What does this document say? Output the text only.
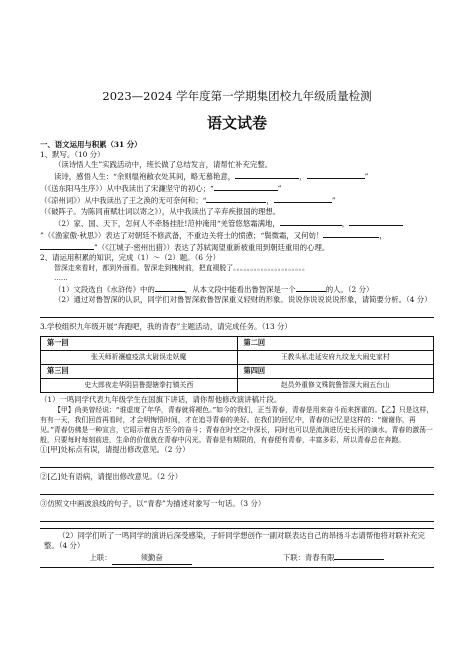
2023—2024 学年度第一学期集团校九年级质量检测
语文试卷

一、语文运用与积累（31 分）

1、默写。（10 分）

（读诗悟人生”实践活动中，班长做了总结发言，请帮忙补充完整。

读诗，感悟人生：“余则缊袍敝衣处其间，略无慕艳意，	，	”

（《送东阳马生序》）从中我读出了宋濂坚守的初心；“	”

（《凉州词》）从中我读出了王之涣的无可奈何和；“	，	”

（《破阵子。为陈同甫赋壮词以寄之》），从中我读出了辛弃疾报国的理想。

（2）家、国、天下，怎何人不牵肠挂肚!范仲淹用“羌管悠悠霜满地，	，

”（《渔家傲·秋思》）表达了对朝廷不修武备，不重边关将士的愤懑；“鬓微霜，又何妨！	，

”（《江城子·密州出猎》）表达了苏轼渴望重新被重用到朝廷重用的心理。

2、请运用积累的知识，完成（1）～（2）题。（6 分）

智深走来看时，都到外面看。智深走到槐树前，把直裰脱了。。。。。。。。。。。。。。。。。。。。。

……

（1）文段选自《水浒传》中的	，从本文段中能看出鲁智深是一个	的人。（2 分）

（2）通过对鲁智深的认识，同学们对鲁智深救鲁智深重义轻财的形象。说说你说说说说形象，请简要分析。（4 分）

3.学校组织九年级开展“奔跑吧，我的青春”主题活动，请完成任务。（13 分）

第一回	第二回
张天师祈禳瘟疫洪太尉误走妖魔	王教头私走延安府九纹龙大闹史家村
第三回	第四回
史大郎夜走华阴县鲁提辖拳打镇关西	赵员外重修文殊院鲁智深大闹五台山

（1）一鸣同学代表九年级学生在国旗下讲话，请你帮他修改演讲稿片段。

【甲】尚美曾经说：“谁虚度了年华，青春就将褪色。”如今的我们，正当青春，青春是用来奋斗而来挥霍的。【乙】只是这样，有有一天，我们回首再看时，才会明悔悟时间，才在追寻青春的美好。在我们的回忆中，青春的记忆是这样的：“谢谢你，再见。”青春仿佛是一种宣言，它昭示着自古至今的奋斗；青春在时空之中深长，同时也可以是流淌进历史长河的滴水。青春的激荡一般，只要每时每刻前进，生命的价值就在青春中闪光。青春是有期限的，有春便有青春，丰富多彩，所以青春总在奔跑。

①[甲]处标点有误，请提出修改意见。（2 分）

②[乙]处有语病，请提出修改意见。（2 分）

③仿照文中画波浪线的句子，以“青春”为描述对象写一句话。（3 分）

（2）同学们听了一鸣同学的演讲后深受感染，子轩同学想创作一副对联表达自己的昂扬斗志请帮他将对联补充完整。（4 分）

上联：	须勤奋	下联：青春有限
